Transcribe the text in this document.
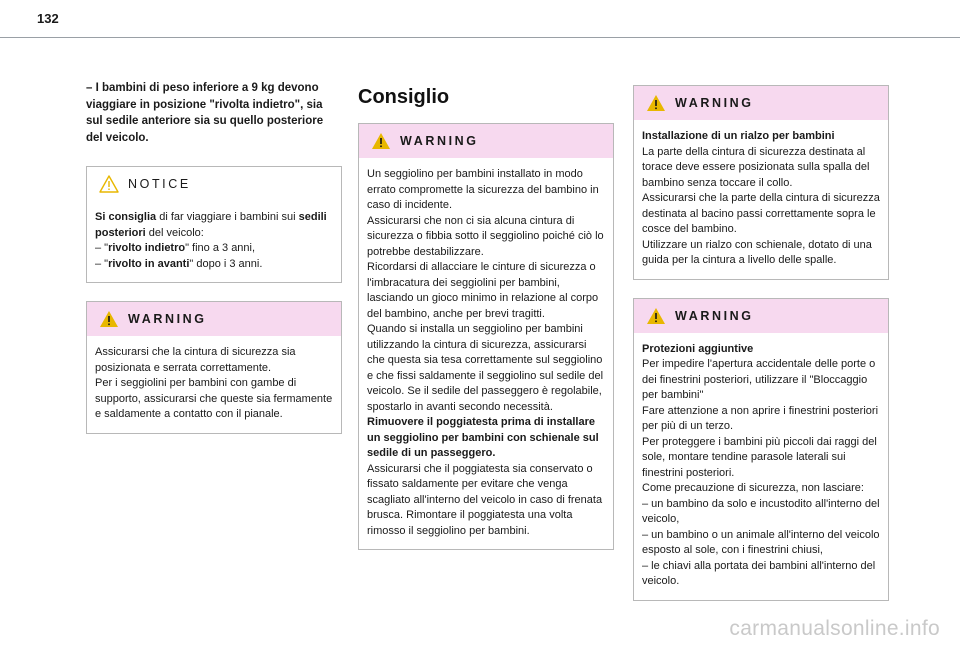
132

– I bambini di peso inferiore a 9 kg devono viaggiare in posizione "rivolta indietro", sia sul sedile anteriore sia su quello posteriore del veicolo.

NOTICE

Si consiglia di far viaggiare i bambini sui sedili posteriori del veicolo:

– "rivolto indietro" fino a 3 anni,

– "rivolto in avanti" dopo i 3 anni.

WARNING

Assicurarsi che la cintura di sicurezza sia posizionata e serrata correttamente.
Per i seggiolini per bambini con gambe di supporto, assicurarsi che queste sia fermamente e saldamente a contatto con il pianale.

Consiglio
WARNING

Un seggiolino per bambini installato in modo errato compromette la sicurezza del bambino in caso di incidente.
Assicurarsi che non ci sia alcuna cintura di sicurezza o fibbia sotto il seggiolino poiché ciò lo potrebbe destabilizzare.
Ricordarsi di allacciare le cinture di sicurezza o l'imbracatura dei seggiolini per bambini, lasciando un gioco minimo in relazione al corpo del bambino, anche per brevi tragitti.
Quando si installa un seggiolino per bambini utilizzando la cintura di sicurezza, assicurarsi che questa sia tesa correttamente sul seggiolino e che fissi saldamente il seggiolino sul sedile del veicolo. Se il sedile del passeggero è regolabile, spostarlo in avanti secondo necessità.

Rimuovere il poggiatesta prima di installare un seggiolino per bambini con schienale sul sedile di un passeggero.

Assicurarsi che il poggiatesta sia conservato o fissato saldamente per evitare che venga scagliato all'interno del veicolo in caso di frenata brusca. Rimontare il poggiatesta una volta rimosso il seggiolino per bambini.

WARNING

Installazione di un rialzo per bambini

La parte della cintura di sicurezza destinata al torace deve essere posizionata sulla spalla del bambino senza toccare il collo.
Assicurarsi che la parte della cintura di sicurezza destinata al bacino passi correttamente sopra le cosce del bambino.
Utilizzare un rialzo con schienale, dotato di una guida per la cintura a livello delle spalle.

WARNING

Protezioni aggiuntive

Per impedire l'apertura accidentale delle porte o dei finestrini posteriori, utilizzare il "Bloccaggio per bambini"
Fare attenzione a non aprire i finestrini posteriori per più di un terzo.
Per proteggere i bambini più piccoli dai raggi del sole, montare tendine parasole laterali sui finestrini posteriori.
Come precauzione di sicurezza, non lasciare:
– un bambino da solo e incustodito all'interno del veicolo,
– un bambino o un animale all'interno del veicolo esposto al sole, con i finestrini chiusi,
– le chiavi alla portata dei bambini all'interno del veicolo.

carmanualsonline.info
